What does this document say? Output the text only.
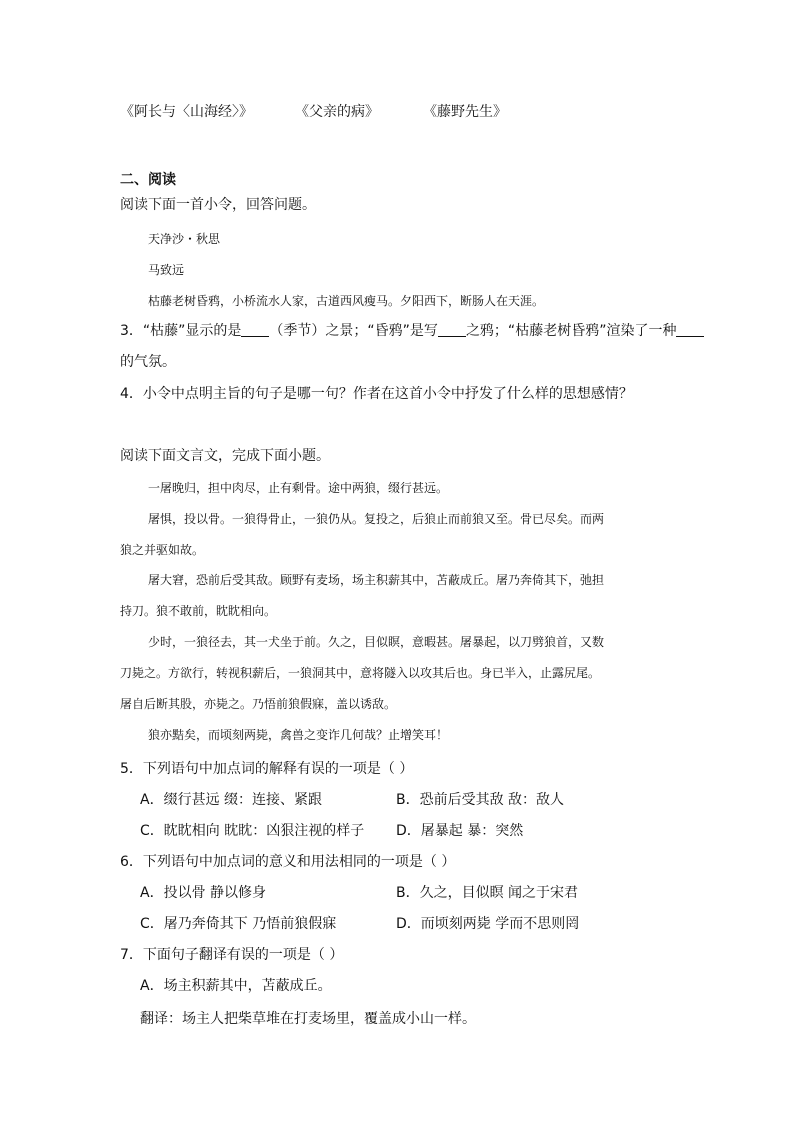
《阿长与〈山海经〉》	《父亲的病》	《藤野先生》
二、阅读
阅读下面一首小令，回答问题。
天净沙・秋思
马致远
枯藤老树昏鸦，小桥流水人家，古道西风瘦马。夕阳西下，断肠人在天涯。
3．“枯藤”显示的是 （季节）之景；“昏鸦”是写 之鸦；“枯藤老树昏鸦”渲染了一种
的气氛。
4．小令中点明主旨的句子是哪一句？作者在这首小令中抒发了什么样的思想感情？
阅读下面文言文，完成下面小题。
一屠晚归，担中肉尽，止有剩骨。途中两狼，缀行甚远。
屠惧，投以骨。一狼得骨止，一狼仍从。复投之，后狼止而前狼又至。骨已尽矣。而两
狼之并驱如故。
屠大窘，恐前后受其敌。顾野有麦场，场主积薪其中，苫蔽成丘。屠乃奔倚其下，弛担
持刀。狼不敢前，眈眈相向。
少时，一狼径去，其一犬坐于前。久之，目似瞑，意暇甚。屠暴起，以刀劈狼首，又数
刀毙之。方欲行，转视积薪后，一狼洞其中，意将隧入以攻其后也。身已半入，止露尻尾。
屠自后断其股，亦毙之。乃悟前狼假寐，盖以诱敌。
狼亦黠矣，而顷刻两毙，禽兽之变诈几何哉？止增笑耳！
5．下列语句中加点词的解释有误的一项是（ ）
A．缀行甚远 缀：连接、紧跟	B．恐前后受其敌 敌：敌人
C．眈眈相向 眈眈：凶狠注视的样子 D．屠暴起 暴：突然
6．下列语句中加点词的意义和用法相同的一项是（ ）
A．投以骨 静以修身	B．久之，目似瞑 闻之于宋君
C．屠乃奔倚其下 乃悟前狼假寐	D．而顷刻两毙 学而不思则罔
7．下面句子翻译有误的一项是（ ）
A．场主积薪其中，苫蔽成丘。
翻译：场主人把柴草堆在打麦场里，覆盖成小山一样。
